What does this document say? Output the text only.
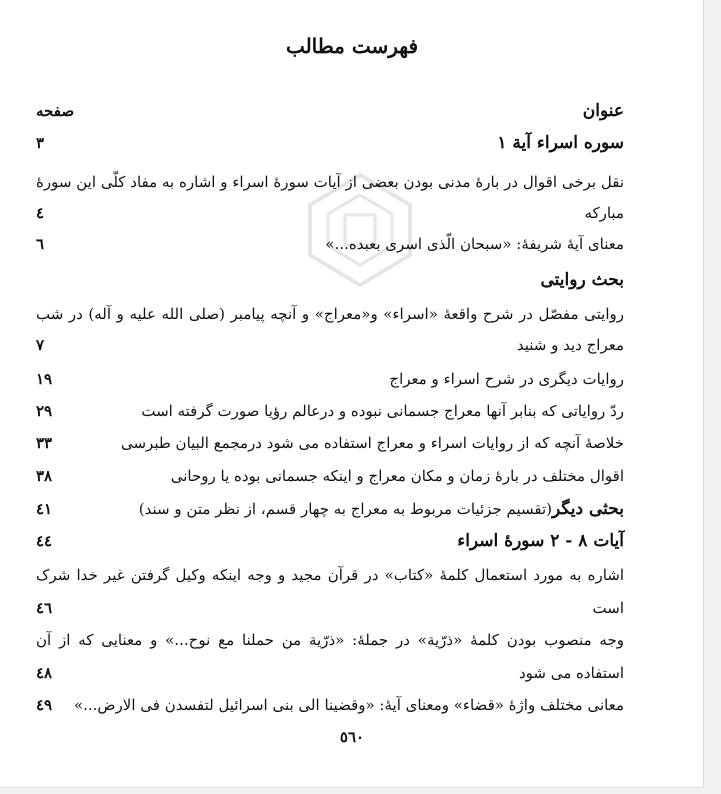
فهرست مطالب
عنوان
صفحه
سوره اسراء آية ١
٣
نقل برخی اقوال در بارهٔ مدنی بودن بعضی از آیات سورهٔ اسراء و اشاره به مفاد کلّی این سورهٔ
مبارکه
٤
معنای آیهٔ شریفهٔ: «سبحان الّذی اسری بعبده...»
٦
بحث روایتی
روایتی مفصّل در شرح واقعهٔ «اسراء» و«معراج» و آنچه پیامبر (صلی الله علیه و آله) در شب
معراج دید و شنید
٧
روایات دیگری در شرح اسراء و معراج
١٩
ردّ روایاتی که بنابر آنها معراج جسمانی نبوده و درعالم رؤیا صورت گرفته است
٢٩
خلاصهٔ آنچه که از روایات اسراء و معراج استفاده می شود درمجمع البیان طبرسی
٣٣
اقوال مختلف در بارهٔ زمان و مکان معراج و اینکه جسمانی بوده یا روحانی
٣٨
بحثی دیگر(تقسیم جزئیات مربوط به معراج به چهار قسم، از نظر متن و سند)
٤١
آیات ٨ - ٢ سورهٔ اسراء
٤٤
اشاره به مورد استعمال کلمهٔ «کتاب» در قرآن مجید و وجه اینکه وکیل گرفتن غیر خدا شرک
است
٤٦
وجه منصوب بودن کلمهٔ «ذرّیة» در جملهٔ: «ذرّیة من حملنا مع نوح...» و معنایی که از آن
استفاده می شود
٤٨
معانی مختلف واژهٔ «قضاء» ومعنای آیهٔ: «وقضینا الی بنی اسرائیل لتفسدن فی الارض...»
٤٩
٥٦٠
